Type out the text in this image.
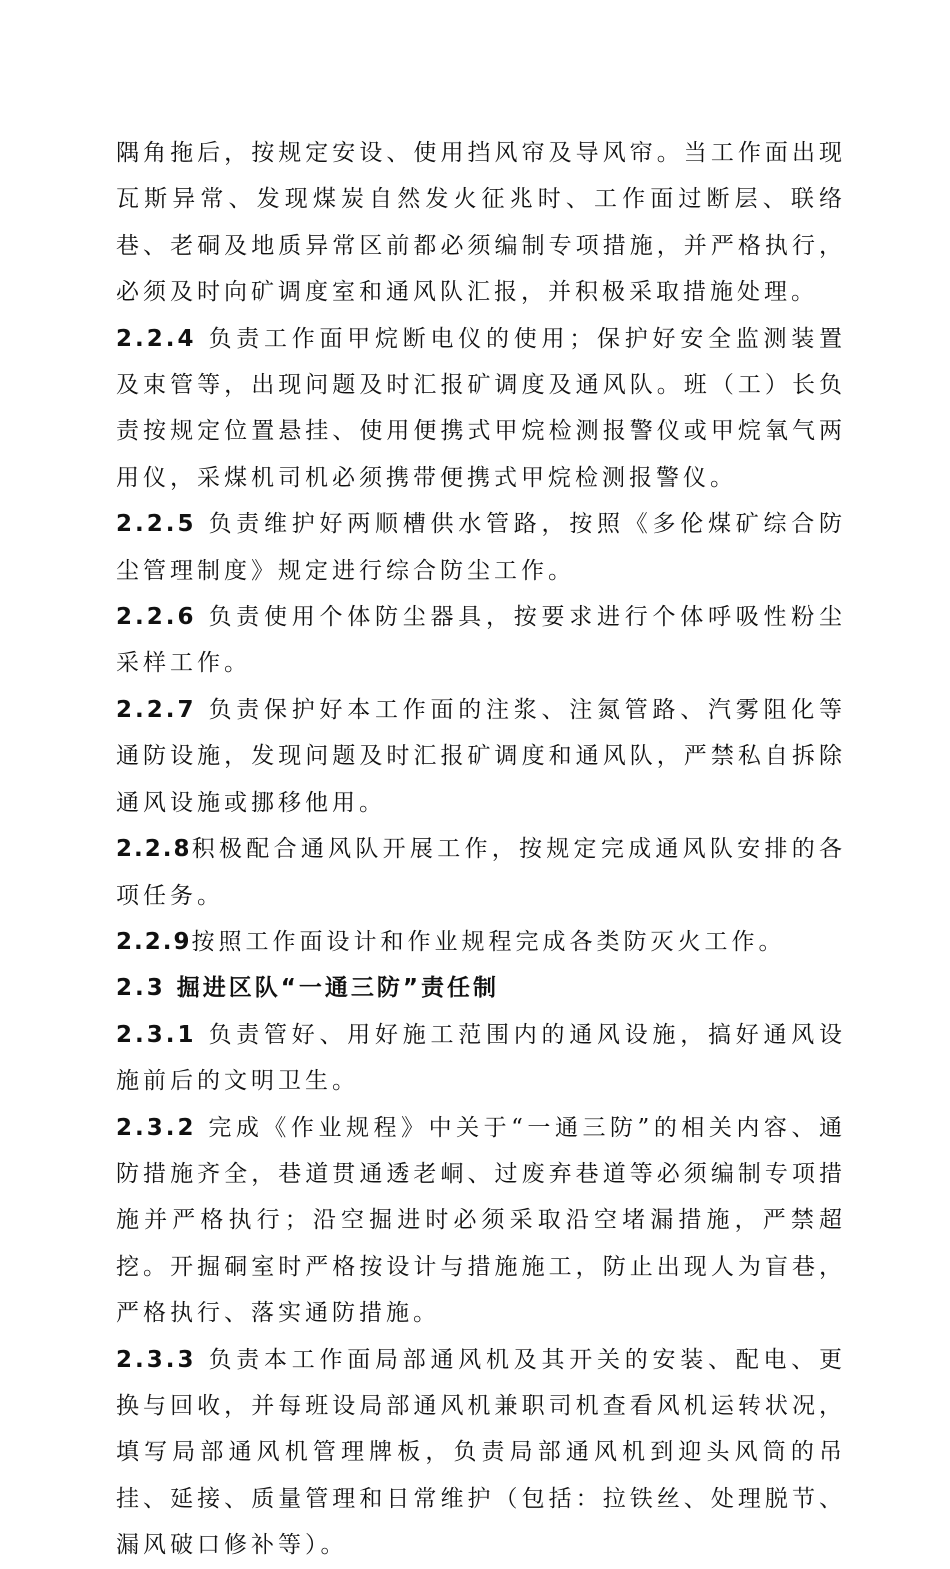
隅角拖后，按规定安设、使用挡风帘及导风帘。当工作面出现瓦斯异常、发现煤炭自然发火征兆时、工作面过断层、联络巷、老硐及地质异常区前都必须编制专项措施，并严格执行，必须及时向矿调度室和通风队汇报，并积极采取措施处理。

2.2.4 负责工作面甲烷断电仪的使用；保护好安全监测装置及束管等，出现问题及时汇报矿调度及通风队。班（工）长负责按规定位置悬挂、使用便携式甲烷检测报警仪或甲烷氧气两用仪，采煤机司机必须携带便携式甲烷检测报警仪。

2.2.5 负责维护好两顺槽供水管路，按照《多伦煤矿综合防尘管理制度》规定进行综合防尘工作。

2.2.6 负责使用个体防尘器具，按要求进行个体呼吸性粉尘采样工作。

2.2.7 负责保护好本工作面的注浆、注氮管路、汽雾阻化等通防设施，发现问题及时汇报矿调度和通风队，严禁私自拆除通风设施或挪移他用。

2.2.8积极配合通风队开展工作，按规定完成通风队安排的各项任务。

2.2.9按照工作面设计和作业规程完成各类防灭火工作。

2.3 掘进区队“一通三防”责任制

2.3.1 负责管好、用好施工范围内的通风设施，搞好通风设施前后的文明卫生。

2.3.2 完成《作业规程》中关于“一通三防”的相关内容、通防措施齐全，巷道贯通透老峒、过废弃巷道等必须编制专项措施并严格执行；沿空掘进时必须采取沿空堵漏措施，严禁超挖。开掘硐室时严格按设计与措施施工，防止出现人为盲巷，严格执行、落实通防措施。

2.3.3 负责本工作面局部通风机及其开关的安装、配电、更换与回收，并每班设局部通风机兼职司机查看风机运转状况，填写局部通风机管理牌板，负责局部通风机到迎头风筒的吊挂、延接、质量管理和日常维护（包括：拉铁丝、处理脱节、漏风破口修补等）。
